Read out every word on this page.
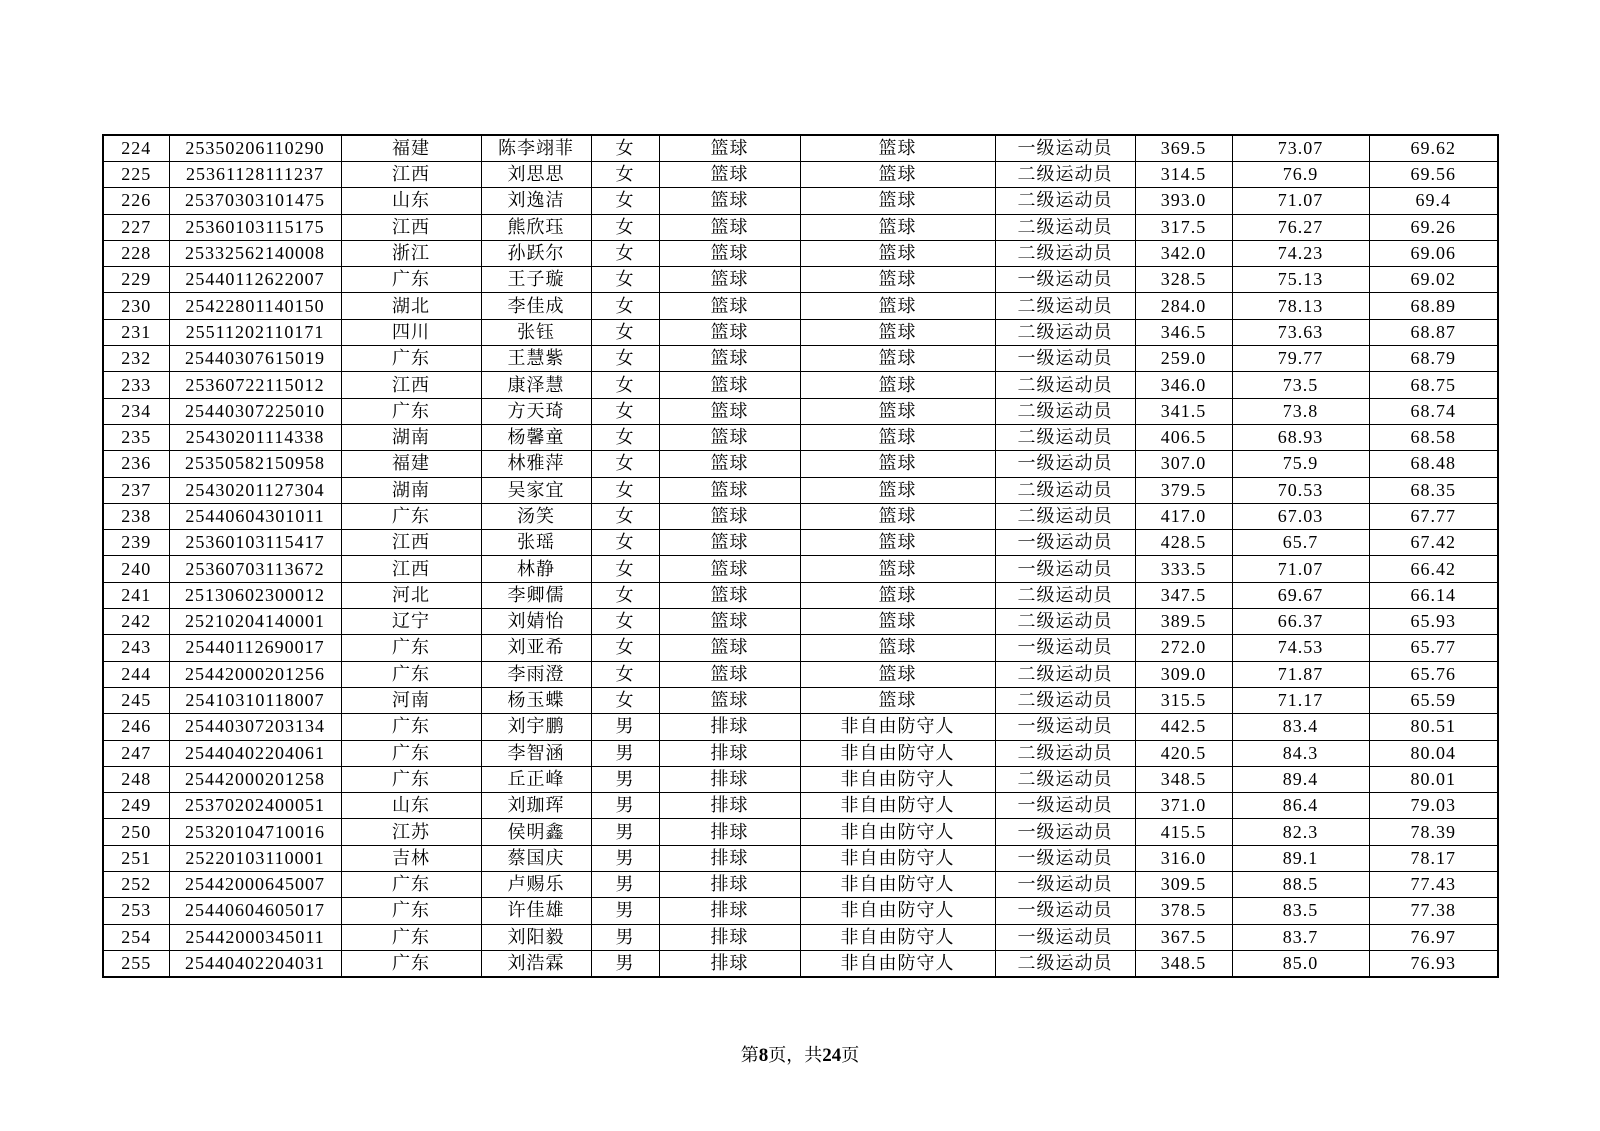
224	25350206110290	福建	陈李翊菲	女	篮球	篮球	一级运动员	369.5	73.07	69.62
225	25361128111237	江西	刘思思	女	篮球	篮球	二级运动员	314.5	76.9	69.56
226	25370303101475	山东	刘逸洁	女	篮球	篮球	二级运动员	393.0	71.07	69.4
227	25360103115175	江西	熊欣珏	女	篮球	篮球	二级运动员	317.5	76.27	69.26
228	25332562140008	浙江	孙跃尔	女	篮球	篮球	二级运动员	342.0	74.23	69.06
229	25440112622007	广东	王子璇	女	篮球	篮球	一级运动员	328.5	75.13	69.02
230	25422801140150	湖北	李佳成	女	篮球	篮球	二级运动员	284.0	78.13	68.89
231	25511202110171	四川	张钰	女	篮球	篮球	二级运动员	346.5	73.63	68.87
232	25440307615019	广东	王慧紫	女	篮球	篮球	一级运动员	259.0	79.77	68.79
233	25360722115012	江西	康泽慧	女	篮球	篮球	二级运动员	346.0	73.5	68.75
234	25440307225010	广东	方天琦	女	篮球	篮球	二级运动员	341.5	73.8	68.74
235	25430201114338	湖南	杨馨童	女	篮球	篮球	二级运动员	406.5	68.93	68.58
236	25350582150958	福建	林雅萍	女	篮球	篮球	一级运动员	307.0	75.9	68.48
237	25430201127304	湖南	吴家宜	女	篮球	篮球	二级运动员	379.5	70.53	68.35
238	25440604301011	广东	汤笑	女	篮球	篮球	二级运动员	417.0	67.03	67.77
239	25360103115417	江西	张瑶	女	篮球	篮球	一级运动员	428.5	65.7	67.42
240	25360703113672	江西	林静	女	篮球	篮球	一级运动员	333.5	71.07	66.42
241	25130602300012	河北	李卿儒	女	篮球	篮球	二级运动员	347.5	69.67	66.14
242	25210204140001	辽宁	刘婧怡	女	篮球	篮球	二级运动员	389.5	66.37	65.93
243	25440112690017	广东	刘亚希	女	篮球	篮球	一级运动员	272.0	74.53	65.77
244	25442000201256	广东	李雨澄	女	篮球	篮球	二级运动员	309.0	71.87	65.76
245	25410310118007	河南	杨玉蝶	女	篮球	篮球	二级运动员	315.5	71.17	65.59
246	25440307203134	广东	刘宇鹏	男	排球	非自由防守人	一级运动员	442.5	83.4	80.51
247	25440402204061	广东	李智涵	男	排球	非自由防守人	二级运动员	420.5	84.3	80.04
248	25442000201258	广东	丘正峰	男	排球	非自由防守人	二级运动员	348.5	89.4	80.01
249	25370202400051	山东	刘珈珲	男	排球	非自由防守人	一级运动员	371.0	86.4	79.03
250	25320104710016	江苏	侯明鑫	男	排球	非自由防守人	一级运动员	415.5	82.3	78.39
251	25220103110001	吉林	蔡国庆	男	排球	非自由防守人	一级运动员	316.0	89.1	78.17
252	25442000645007	广东	卢赐乐	男	排球	非自由防守人	一级运动员	309.5	88.5	77.43
253	25440604605017	广东	许佳雄	男	排球	非自由防守人	一级运动员	378.5	83.5	77.38
254	25442000345011	广东	刘阳毅	男	排球	非自由防守人	一级运动员	367.5	83.7	76.97
255	25440402204031	广东	刘浩霖	男	排球	非自由防守人	二级运动员	348.5	85.0	76.93
第8页，共24页
